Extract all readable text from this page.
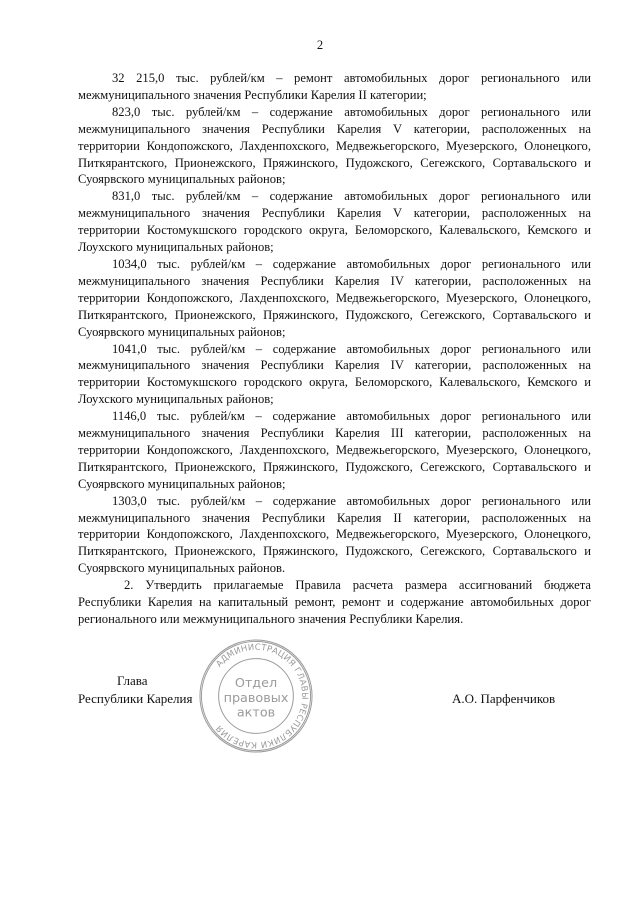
2

32 215,0 тыс. рублей/км – ремонт автомобильных дорог регионального или межмуниципального значения Республики Карелия II категории;

823,0 тыс. рублей/км – содержание автомобильных дорог регионального или межмуниципального значения Республики Карелия V категории, расположенных на территории Кондопожского, Лахденпохского, Медвежьегорского, Муезерского, Олонецкого, Питкярантского, Прионежского, Пряжинского, Пудожского, Сегежского, Сортавальского и Суоярвского муниципальных районов;

831,0 тыс. рублей/км – содержание автомобильных дорог регионального или межмуниципального значения Республики Карелия V категории, расположенных на территории Костомукшского городского округа, Беломорского, Калевальского, Кемского и Лоухского муниципальных районов;

1034,0 тыс. рублей/км – содержание автомобильных дорог регионального или межмуниципального значения Республики Карелия IV категории, расположенных на территории Кондопожского, Лахденпохского, Медвежьегорского, Муезерского, Олонецкого, Питкярантского, Прионежского, Пряжинского, Пудожского, Сегежского, Сортавальского и Суоярвского муниципальных районов;

1041,0 тыс. рублей/км – содержание автомобильных дорог регионального или межмуниципального значения Республики Карелия IV категории, расположенных на территории Костомукшского городского округа, Беломорского, Калевальского, Кемского и Лоухского муниципальных районов;

1146,0 тыс. рублей/км – содержание автомобильных дорог регионального или межмуниципального значения Республики Карелия III категории, расположенных на территории Кондопожского, Лахденпохского, Медвежьегорского, Муезерского, Олонецкого, Питкярантского, Прионежского, Пряжинского, Пудожского, Сегежского, Сортавальского и Суоярвского муниципальных районов;

1303,0 тыс. рублей/км – содержание автомобильных дорог регионального или межмуниципального значения Республики Карелия II категории, расположенных на территории Кондопожского, Лахденпохского, Медвежьегорского, Муезерского, Олонецкого, Питкярантского, Прионежского, Пряжинского, Пудожского, Сегежского, Сортавальского и Суоярвского муниципальных районов.

2. Утвердить прилагаемые Правила расчета размера ассигнований бюджета Республики Карелия на капитальный ремонт, ремонт и содержание автомобильных дорог регионального или межмуниципального значения Республики Карелия.

Глава
Республики Карелия	А.О. Парфенчиков
АДМИНИСТРАЦИЯ ГЛАВЫ РЕСПУБЛИКИ КАРЕЛИЯ
Отдел
правовых
актов
